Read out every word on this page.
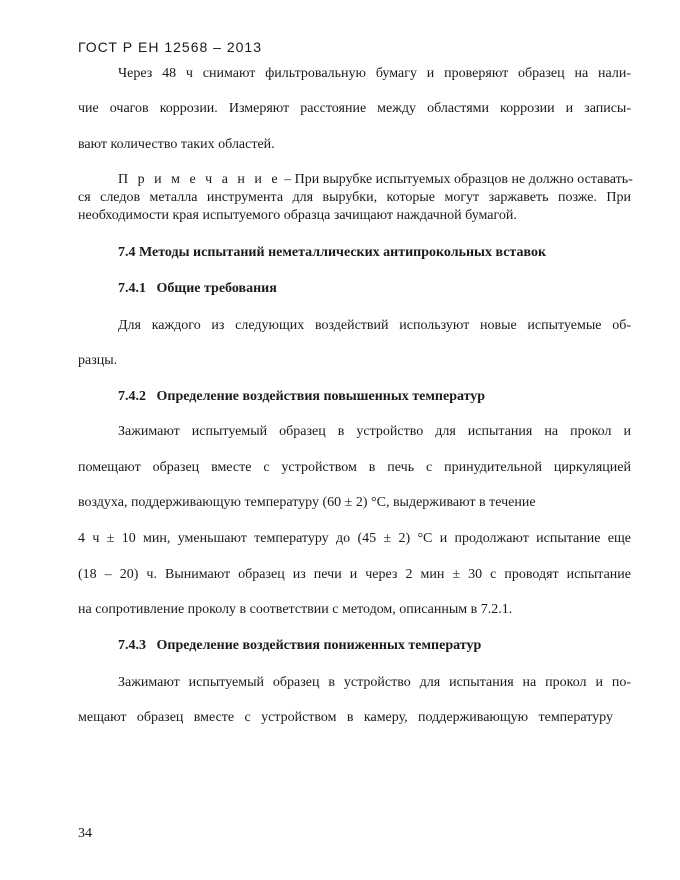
ГОСТ Р ЕН 12568 – 2013
Через 48 ч снимают фильтровальную бумагу и проверяют образец на нали-
чие очагов коррозии. Измеряют расстояние между областями коррозии и записы-
вают количество таких областей.
П р и м е ч а н и е – При вырубке испытуемых образцов не должно оставать-
ся следов металла инструмента для вырубки, которые могут заржаветь позже. При
необходимости края испытуемого образца зачищают наждачной бумагой.
7.4 Методы испытаний неметаллических антипрокольных вставок
7.4.1   Общие требования
Для каждого из следующих воздействий используют новые испытуемые об-
разцы.
7.4.2   Определение воздействия повышенных температур
Зажимают испытуемый образец в устройство для испытания на прокол и
помещают образец вместе с устройством в печь с принудительной циркуляцией
воздуха, поддерживающую температуру (60 ± 2) °С, выдерживают в течение
4 ч ± 10 мин, уменьшают температуру до (45 ± 2) °С и продолжают испытание еще
(18 – 20) ч. Вынимают образец из печи и через 2 мин ± 30 с проводят испытание
на сопротивление проколу в соответствии с методом, описанным в 7.2.1.
7.4.3   Определение воздействия пониженных температур
Зажимают испытуемый образец в устройство для испытания на прокол и по-
мещают образец вместе с устройством в камеру, поддерживающую температуру
34
